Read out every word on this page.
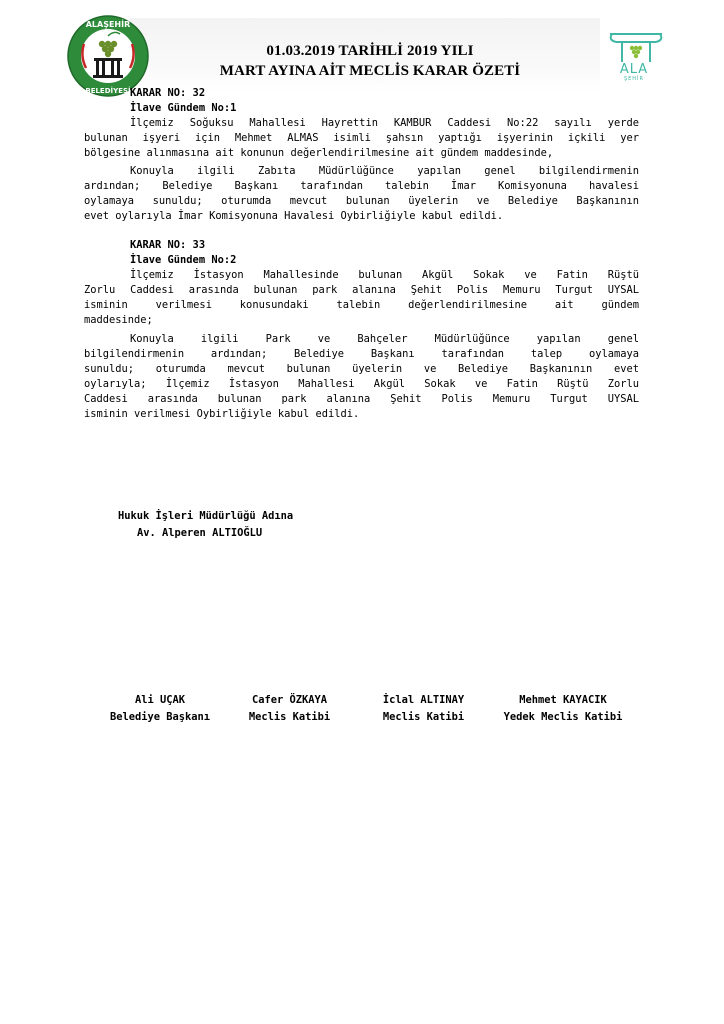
ALAŞEHİR
BELEDİYESİ
01.03.2019 TARİHLİ 2019 YILI
MART AYINA AİT MECLİS KARAR ÖZETİ	ALA
ŞEHİR
KARAR NO: 32
İlave Gündem No:1
İlçemiz Soğuksu Mahallesi Hayrettin KAMBUR Caddesi No:22 sayılı yerde
bulunan işyeri için Mehmet ALMAS isimli şahsın yaptığı işyerinin içkili yer
bölgesine alınmasına ait konunun değerlendirilmesine ait gündem maddesinde,
Konuyla ilgili Zabıta Müdürlüğünce yapılan genel bilgilendirmenin
ardından; Belediye Başkanı tarafından talebin İmar Komisyonuna havalesi
oylamaya sunuldu; oturumda mevcut bulunan üyelerin ve Belediye Başkanının
evet oylarıyla İmar Komisyonuna Havalesi Oybirliğiyle kabul edildi.
KARAR NO: 33
İlave Gündem No:2
İlçemiz İstasyon Mahallesinde bulunan Akgül Sokak ve Fatin Rüştü
Zorlu Caddesi arasında bulunan park alanına Şehit Polis Memuru Turgut UYSAL
isminin verilmesi konusundaki talebin değerlendirilmesine ait gündem
maddesinde;
Konuyla ilgili Park ve Bahçeler Müdürlüğünce yapılan genel
bilgilendirmenin ardından; Belediye Başkanı tarafından talep oylamaya
sunuldu; oturumda mevcut bulunan üyelerin ve Belediye Başkanının evet
oylarıyla; İlçemiz İstasyon Mahallesi Akgül Sokak ve Fatin Rüştü Zorlu
Caddesi arasında bulunan park alanına Şehit Polis Memuru Turgut UYSAL
isminin verilmesi Oybirliğiyle kabul edildi.
Hukuk İşleri Müdürlüğü Adına
Av. Alperen ALTIOĞLU
Ali UÇAK
Belediye Başkanı
Cafer ÖZKAYA
Meclis Katibi
İclal ALTINAY
Meclis Katibi
Mehmet KAYACIK
Yedek Meclis Katibi
